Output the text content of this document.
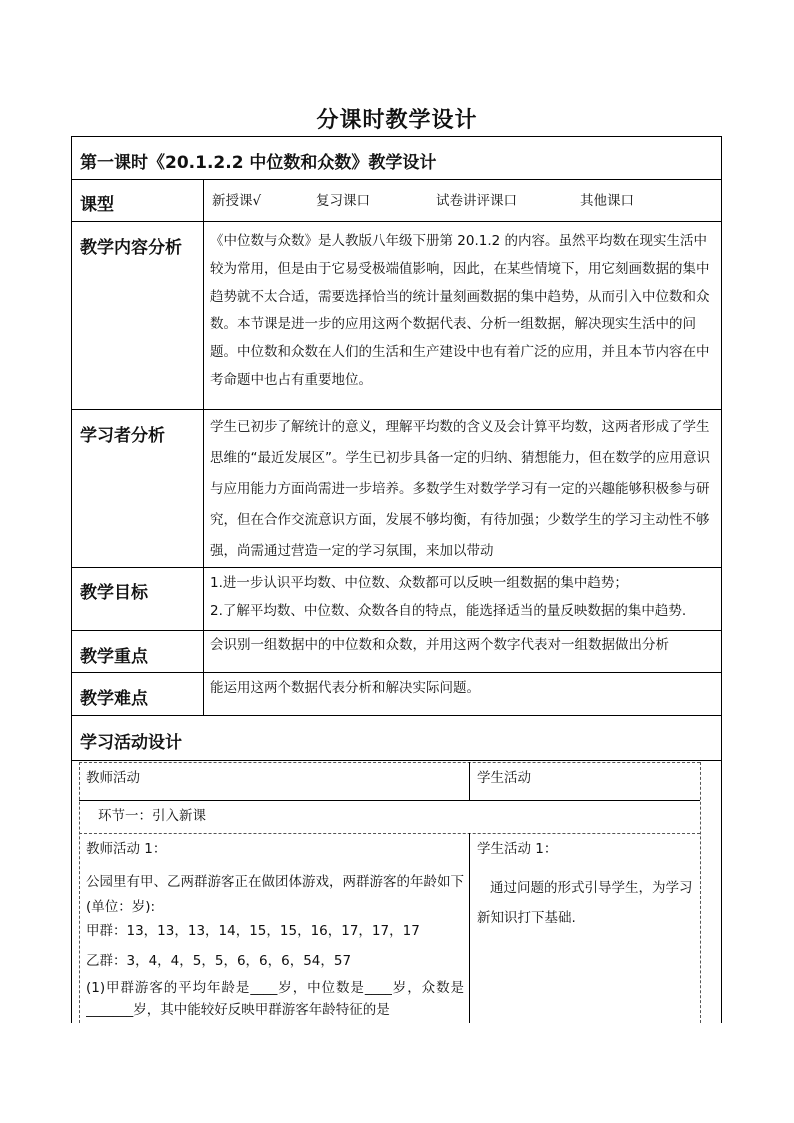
分课时教学设计
第一课时《20.1.2.2 中位数和众数》教学设计
课型	新授课√	复习课口	试卷讲评课口	其他课口
教学内容分析 《中位数与众数》是人教版八年级下册第 20.1.2 的内容。虽然平均数在现实生活中较为常用，但是由于它易受极端值影响，因此，在某些情境下，用它刻画数据的集中趋势就不太合适，需要选择恰当的统计量刻画数据的集中趋势，从而引入中位数和众数。本节课是进一步的应用这两个数据代表、分析一组数据，解决现实生活中的问题。中位数和众数在人们的生活和生产建设中也有着广泛的应用，并且本节内容在中考命题中也占有重要地位。
学习者分析	学生已初步了解统计的意义，理解平均数的含义及会计算平均数，这两者形成了学生思维的“最近发展区”。学生已初步具备一定的归纳、猜想能力，但在数学的应用意识与应用能力方面尚需进一步培养。多数学生对数学学习有一定的兴趣能够积极参与研究，但在合作交流意识方面，发展不够均衡，有待加强；少数学生的学习主动性不够强，尚需通过营造一定的学习氛围，来加以带动
教学目标	1.进一步认识平均数、中位数、众数都可以反映一组数据的集中趋势；
2.了解平均数、中位数、众数各自的特点，能选择适当的量反映数据的集中趋势.
教学重点
会识别一组数据中的中位数和众数，并用这两个数字代表对一组数据做出分析
教学难点
能运用这两个数据代表分析和解决实际问题。
学习活动设计
教师活动	学生活动
环节一：引入新课
教师活动 1：
公园里有甲、乙两群游客正在做团体游戏，两群游客的年龄如下(单位：岁):
甲群：13，13，13，14，15，15，16，17，17，17
乙群：3，4，4，5，5，6，6，6，54，57
(1)甲群游客的平均年龄是____岁，中位数是____岁，众数是_______岁，其中能较好反映甲群游客年龄特征的是
学生活动 1：
通过问题的形式引导学生，为学习新知识打下基础.
